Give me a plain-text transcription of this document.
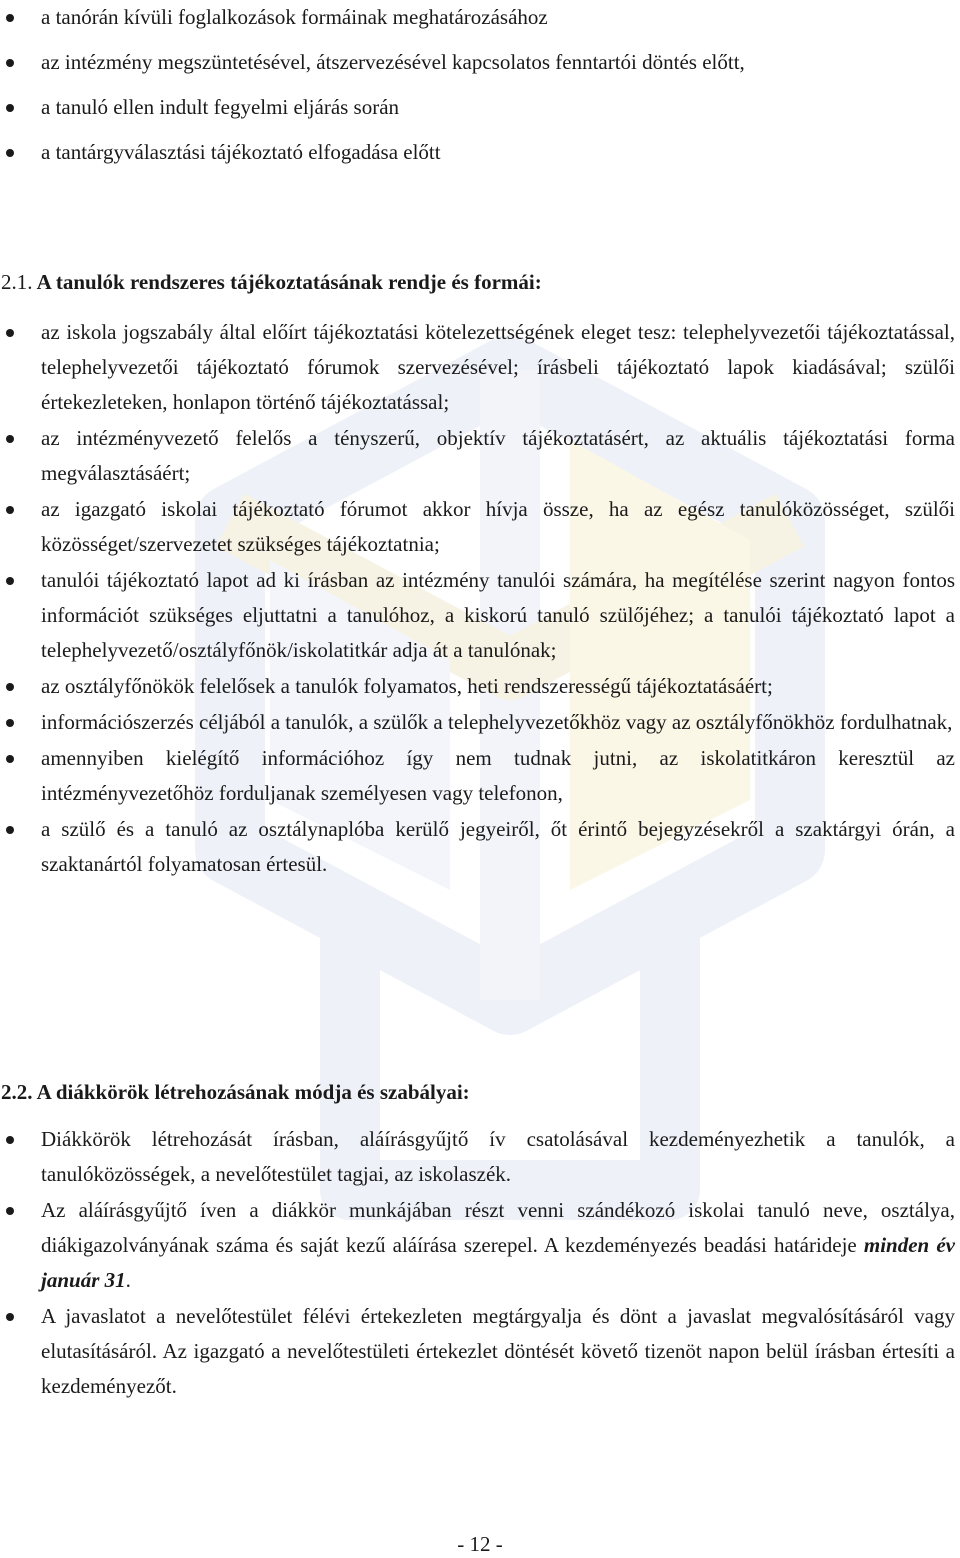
a tanórán kívüli foglalkozások formáinak meghatározásához
az intézmény megszüntetésével, átszervezésével kapcsolatos fenntartói döntés előtt,
a tanuló ellen indult fegyelmi eljárás során
a tantárgyválasztási tájékoztató elfogadása előtt
2.1. A tanulók rendszeres tájékoztatásának rendje és formái:
az iskola jogszabály által előírt tájékoztatási kötelezettségének eleget tesz: telephelyvezetői tájékoztatással, telephelyvezetői tájékoztató fórumok szervezésével; írásbeli tájékoztató lapok kiadásával; szülői értekezleteken, honlapon történő tájékoztatással;
az intézményvezető felelős a tényszerű, objektív tájékoztatásért, az aktuális tájékoztatási forma megválasztásáért;
az igazgató iskolai tájékoztató fórumot akkor hívja össze, ha az egész tanulóközösséget, szülői közösséget/szervezetet szükséges tájékoztatnia;
tanulói tájékoztató lapot ad ki írásban az intézmény tanulói számára, ha megítélése szerint nagyon fontos információt szükséges eljuttatni a tanulóhoz, a kiskorú tanuló szülőjéhez; a tanulói tájékoztató lapot a telephelyvezető/osztályfőnök/iskolatitkár adja át a tanulónak;
az osztályfőnökök felelősek a tanulók folyamatos, heti rendszerességű tájékoztatásáért;
információszerzés céljából a tanulók, a szülők a telephelyvezetőkhöz vagy az osztályfőnökhöz fordulhatnak,
amennyiben kielégítő információhoz így nem tudnak jutni, az iskolatitkáron keresztül az intézményvezetőhöz forduljanak személyesen vagy telefonon,
a szülő és a tanuló az osztálynaplóba kerülő jegyeiről, őt érintő bejegyzésekről a szaktárgyi órán, a szaktanártól folyamatosan értesül.
2.2. A diákkörök létrehozásának módja és szabályai:
Diákkörök létrehozását írásban, aláírásgyűjtő ív csatolásával kezdeményezhetik a tanulók, a tanulóközösségek, a nevelőtestület tagjai, az iskolaszék.
Az aláírásgyűjtő íven a diákkör munkájában részt venni szándékozó iskolai tanuló neve, osztálya, diákigazolványának száma és saját kezű aláírása szerepel. A kezdeményezés beadási határideje minden év január 31.
A javaslatot a nevelőtestület félévi értekezleten megtárgyalja és dönt a javaslat megvalósításáról vagy elutasításáról. Az igazgató a nevelőtestületi értekezlet döntését követő tizenöt napon belül írásban értesíti a kezdeményezőt.
- 12 -
